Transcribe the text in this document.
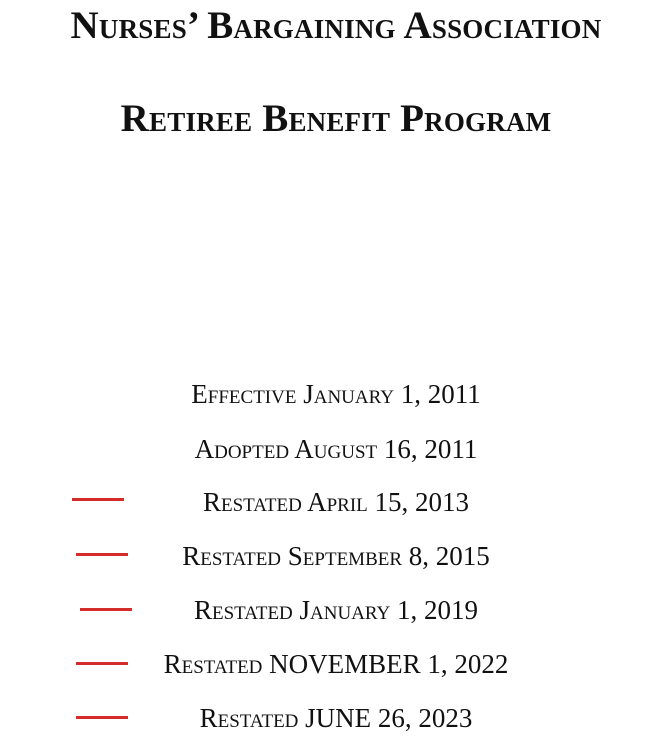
Nurses’ Bargaining Association
Retiree Benefit Program
Effective January 1, 2011
Adopted August 16, 2011
Restated April 15, 2013
Restated September 8, 2015
Restated January 1, 2019
Restated NOVEMBER 1, 2022
Restated JUNE 26, 2023
